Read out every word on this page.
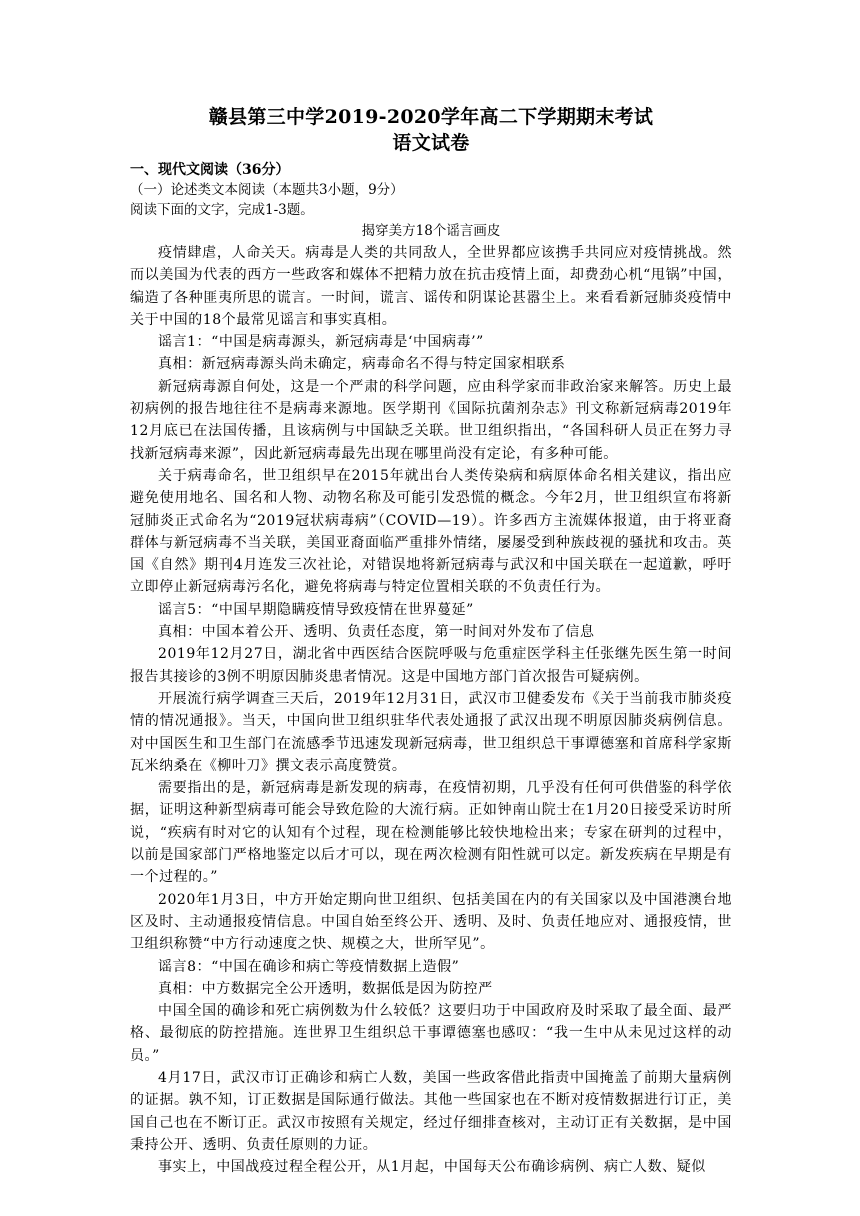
赣县第三中学2019-2020学年高二下学期期末考试
语文试卷
一、现代文阅读（36分）
（一）论述类文本阅读（本题共3小题，9分）
阅读下面的文字，完成1-3题。
揭穿美方18个谣言画皮

疫情肆虐，人命关天。病毒是人类的共同敌人，全世界都应该携手共同应对疫情挑战。然而以美国为代表的西方一些政客和媒体不把精力放在抗击疫情上面，却费劲心机“甩锅”中国，编造了各种匪夷所思的谎言。一时间，谎言、谣传和阴谋论甚嚣尘上。来看看新冠肺炎疫情中关于中国的18个最常见谣言和事实真相。

谣言1：“中国是病毒源头，新冠病毒是‘中国病毒’”

真相：新冠病毒源头尚未确定，病毒命名不得与特定国家相联系

新冠病毒源自何处，这是一个严肃的科学问题，应由科学家而非政治家来解答。历史上最初病例的报告地往往不是病毒来源地。医学期刊《国际抗菌剂杂志》刊文称新冠病毒2019年12月底已在法国传播，且该病例与中国缺乏关联。世卫组织指出，“各国科研人员正在努力寻找新冠病毒来源”，因此新冠病毒最先出现在哪里尚没有定论，有多种可能。

关于病毒命名，世卫组织早在2015年就出台人类传染病和病原体命名相关建议，指出应避免使用地名、国名和人物、动物名称及可能引发恐慌的概念。今年2月，世卫组织宣布将新冠肺炎正式命名为“2019冠状病毒病”（COVID—19）。许多西方主流媒体报道，由于将亚裔群体与新冠病毒不当关联，美国亚裔面临严重排外情绪，屡屡受到种族歧视的骚扰和攻击。英国《自然》期刊4月连发三次社论，对错误地将新冠病毒与武汉和中国关联在一起道歉，呼吁立即停止新冠病毒污名化，避免将病毒与特定位置相关联的不负责任行为。

谣言5：“中国早期隐瞒疫情导致疫情在世界蔓延”

真相：中国本着公开、透明、负责任态度，第一时间对外发布了信息

2019年12月27日，湖北省中西医结合医院呼吸与危重症医学科主任张继先医生第一时间报告其接诊的3例不明原因肺炎患者情况。这是中国地方部门首次报告可疑病例。

开展流行病学调查三天后，2019年12月31日，武汉市卫健委发布《关于当前我市肺炎疫情的情况通报》。当天，中国向世卫组织驻华代表处通报了武汉出现不明原因肺炎病例信息。对中国医生和卫生部门在流感季节迅速发现新冠病毒，世卫组织总干事谭德塞和首席科学家斯瓦米纳桑在《柳叶刀》撰文表示高度赞赏。

需要指出的是，新冠病毒是新发现的病毒，在疫情初期，几乎没有任何可供借鉴的科学依据，证明这种新型病毒可能会导致危险的大流行病。正如钟南山院士在1月20日接受采访时所说，“疾病有时对它的认知有个过程，现在检测能够比较快地检出来；专家在研判的过程中，以前是国家部门严格地鉴定以后才可以，现在两次检测有阳性就可以定。新发疾病在早期是有一个过程的。”

2020年1月3日，中方开始定期向世卫组织、包括美国在内的有关国家以及中国港澳台地区及时、主动通报疫情信息。中国自始至终公开、透明、及时、负责任地应对、通报疫情，世卫组织称赞“中方行动速度之快、规模之大，世所罕见”。

谣言8：“中国在确诊和病亡等疫情数据上造假”

真相：中方数据完全公开透明，数据低是因为防控严

中国全国的确诊和死亡病例数为什么较低？这要归功于中国政府及时采取了最全面、最严格、最彻底的防控措施。连世界卫生组织总干事谭德塞也感叹：“我一生中从未见过这样的动员。”

4月17日，武汉市订正确诊和病亡人数，美国一些政客借此指责中国掩盖了前期大量病例的证据。孰不知，订正数据是国际通行做法。其他一些国家也在不断对疫情数据进行订正，美国自己也在不断订正。武汉市按照有关规定，经过仔细排查核对，主动订正有关数据，是中国秉持公开、透明、负责任原则的力证。

事实上，中国战疫过程全程公开，从1月起，中国每天公布确诊病例、病亡人数、疑似
